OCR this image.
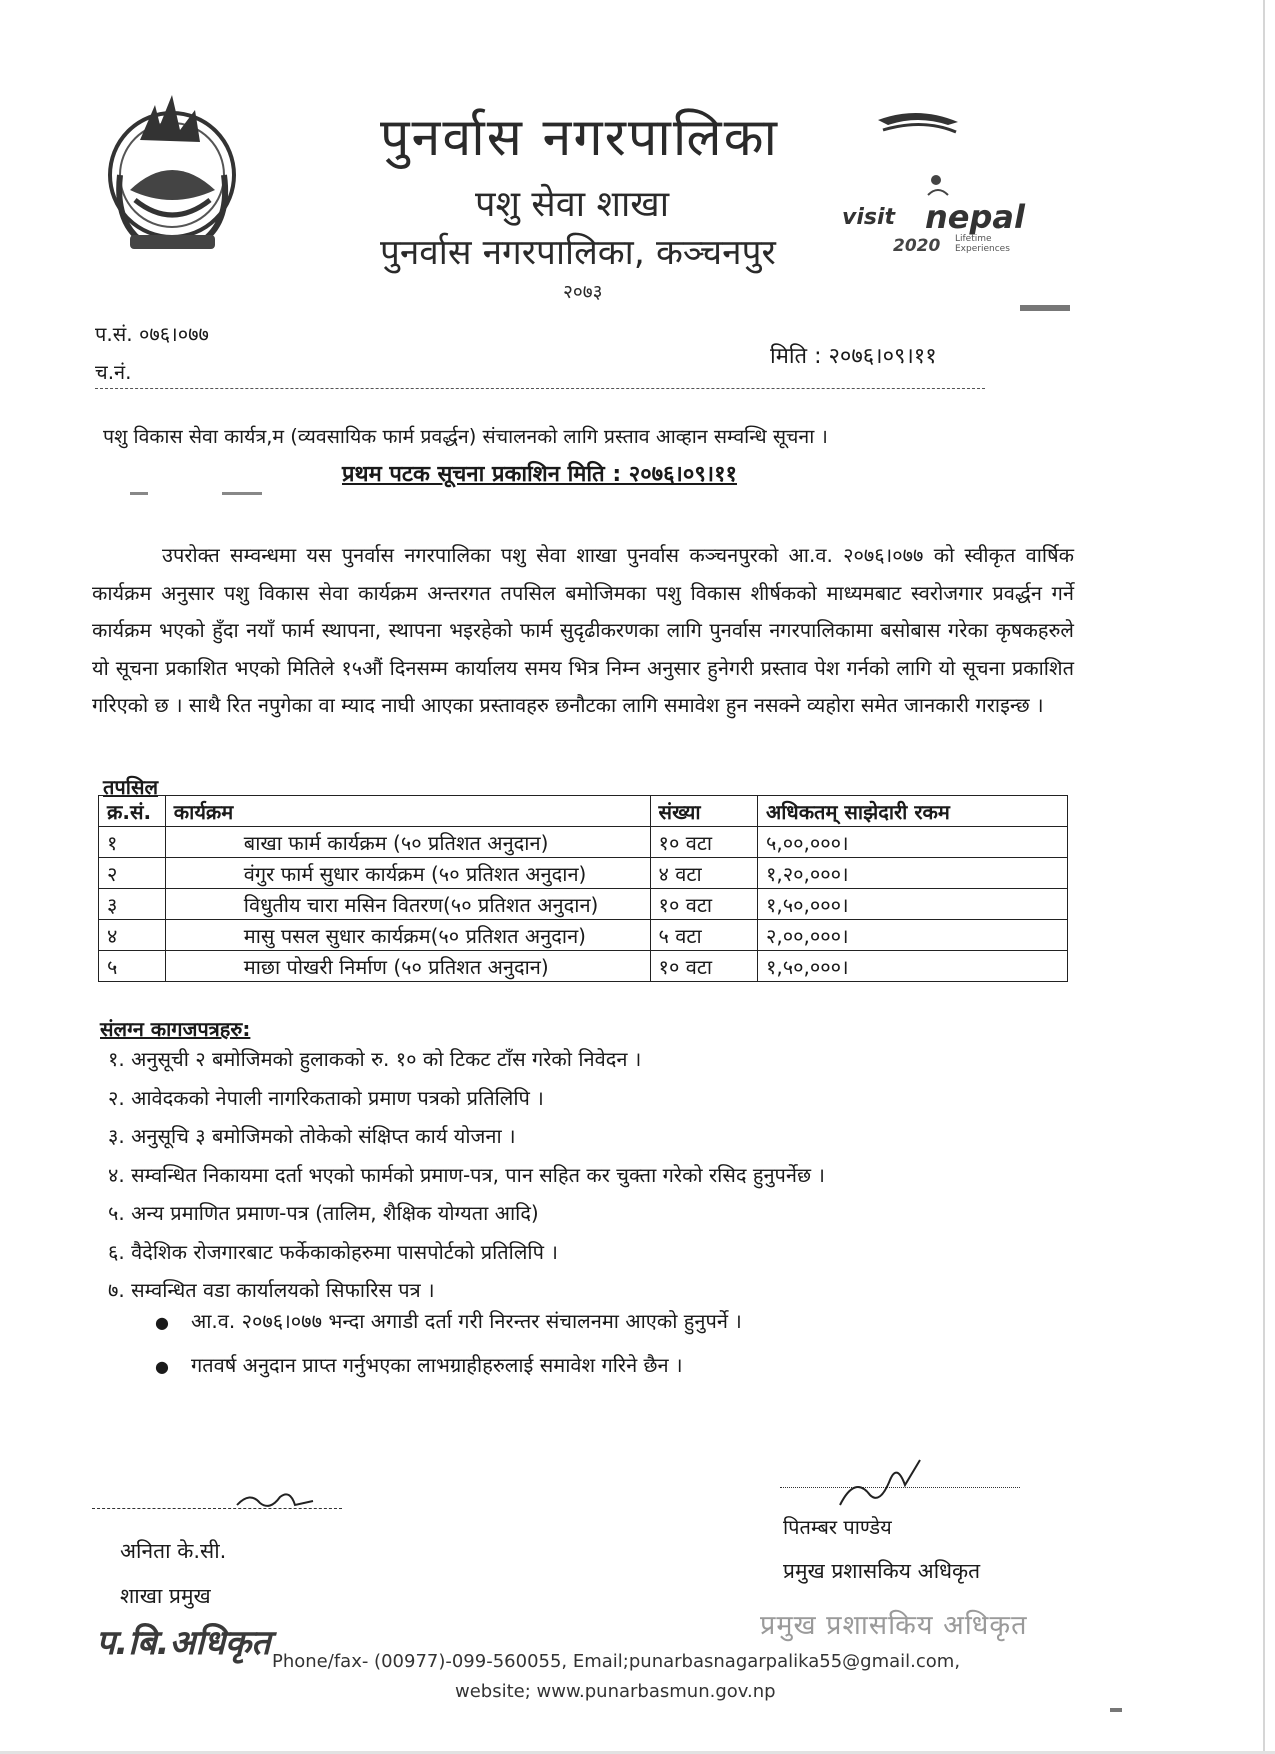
पुनर्वास नगरपालिका
पशु सेवा शाखा
पुनर्वास नगरपालिका, कञ्चनपुर
२०७३
visit nepal
2020 Lifetime Experiences
प.सं. ०७६।०७७
च.नं.
मिति : २०७६।०९।११
पशु विकास सेवा कार्यत्र,म (व्यवसायिक फार्म प्रवर्द्धन) संचालनको लागि प्रस्ताव आव्हान सम्वन्धि सूचना ।
प्रथम पटक सूचना प्रकाशिन मिति : २०७६।०९।११
उपरोक्त सम्वन्धमा यस पुनर्वास नगरपालिका पशु सेवा शाखा पुनर्वास कञ्चनपुरको आ.व. २०७६।०७७ को स्वीकृत वार्षिक कार्यक्रम अनुसार पशु विकास सेवा कार्यक्रम अन्तरगत तपसिल बमोजिमका पशु विकास शीर्षकको माध्यमबाट स्वरोजगार प्रवर्द्धन गर्ने कार्यक्रम भएको हुँदा नयाँ फार्म स्थापना, स्थापना भइरहेको फार्म सुदृढीकरणका लागि पुनर्वास नगरपालिकामा बसोबास गरेका कृषकहरुले यो सूचना प्रकाशित भएको मितिले १५औं दिनसम्म कार्यालय समय भित्र निम्न अनुसार हुनेगरी प्रस्ताव पेश गर्नको लागि यो सूचना प्रकाशित गरिएको छ । साथै रित नपुगेका वा म्याद नाघी आएका प्रस्तावहरु छनौटका लागि समावेश हुन नसक्ने व्यहोरा समेत जानकारी गराइन्छ ।
तपसिल
क्र.सं.	कार्यक्रम	संख्या	अधिकतम् साझेदारी रकम
१	बाखा फार्म कार्यक्रम (५० प्रतिशत अनुदान)	१० वटा	५,००,०००।
२	वंगुर फार्म सुधार कार्यक्रम (५० प्रतिशत अनुदान)	४ वटा	१,२०,०००।
३	विधुतीय चारा मसिन वितरण(५० प्रतिशत अनुदान)	१० वटा	१,५०,०००।
४	मासु पसल सुधार कार्यक्रम(५० प्रतिशत अनुदान)	५ वटा	२,००,०००।
५	माछा पोखरी निर्माण (५० प्रतिशत अनुदान)	१० वटा	१,५०,०००।
संलग्न कागजपत्रहरु:
१. अनुसूची २ बमोजिमको हुलाकको रु. १० को टिकट टाँस गरेको निवेदन ।
२. आवेदकको नेपाली नागरिकताको प्रमाण पत्रको प्रतिलिपि ।
३. अनुसूचि ३ बमोजिमको तोकेको संक्षिप्त कार्य योजना ।
४. सम्वन्धित निकायमा दर्ता भएको फार्मको प्रमाण-पत्र, पान सहित कर चुक्ता गरेको रसिद हुनुपर्नेछ ।
५. अन्य प्रमाणित प्रमाण-पत्र (तालिम, शैक्षिक योग्यता आदि)
६. वैदेशिक रोजगारबाट फर्केकाकोहरुमा पासपोर्टको प्रतिलिपि ।
७. सम्वन्धित वडा कार्यालयको सिफारिस पत्र ।
● आ.व. २०७६।०७७ भन्दा अगाडी दर्ता गरी निरन्तर संचालनमा आएको हुनुपर्ने ।
● गतवर्ष अनुदान प्राप्त गर्नुभएका लाभग्राहीहरुलाई समावेश गरिने छैन ।
अनिता के.सी.
शाखा प्रमुख
प.बि.अधिकृत
पितम्बर पाण्डेय
प्रमुख प्रशासकिय अधिकृत
प्रमुख प्रशासकिय अधिकृत
Phone/fax- (00977)-099-560055, Email;punarbasnagarpalika55@gmail.com,
website; www.punarbasmun.gov.np
